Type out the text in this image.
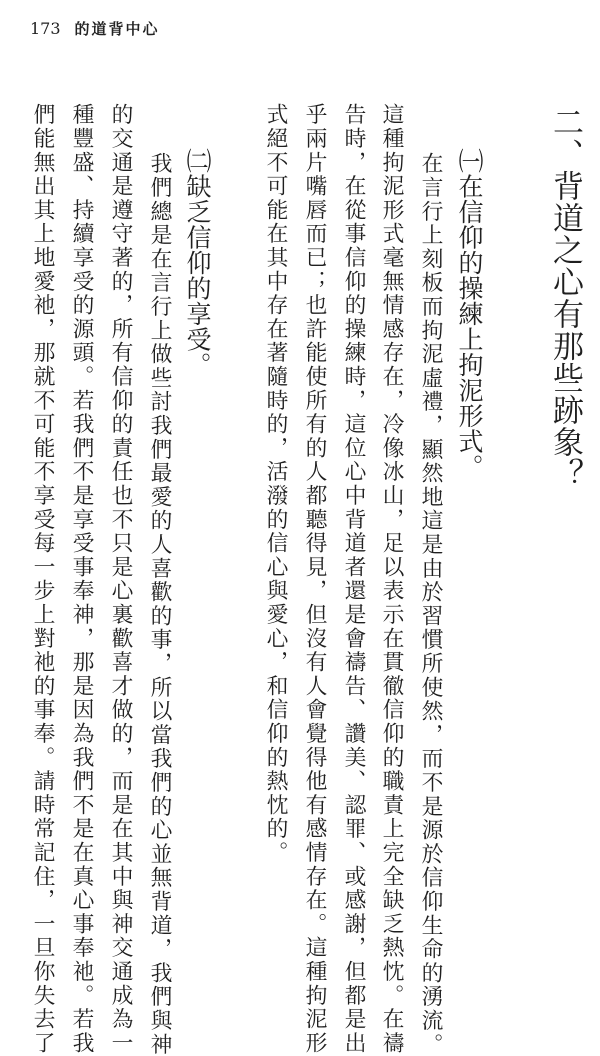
173 的道背中心
二、背道之心有那些跡象？
㈠在信仰的操練上拘泥形式。
在言行上刻板而拘泥虛禮，顯然地這是由於習慣所使然，而不是源於信仰生命的湧流。
這種拘泥形式毫無情感存在，冷像冰山，足以表示在貫徹信仰的職責上完全缺乏熱忱。在禱
告時，在從事信仰的操練時，這位心中背道者還是會禱告、讚美、認罪、或感謝，但都是出
乎兩片嘴唇而已；也許能使所有的人都聽得見，但沒有人會覺得他有感情存在。這種拘泥形
式絕不可能在其中存在著隨時的，活潑的信心與愛心，和信仰的熱忱的。
㈡缺乏信仰的享受。
我們總是在言行上做些討我們最愛的人喜歡的事，所以當我們的心並無背道，我們與神
的交通是遵守著的，所有信仰的責任也不只是心裏歡喜才做的，而是在其中與神交通成為一
種豐盛、持續享受的源頭。若我們不是享受事奉神，那是因為我們不是在真心事奉祂。若我
們能無出其上地愛祂，那就不可能不享受每一步上對祂的事奉。請時常記住，一旦你失去了
